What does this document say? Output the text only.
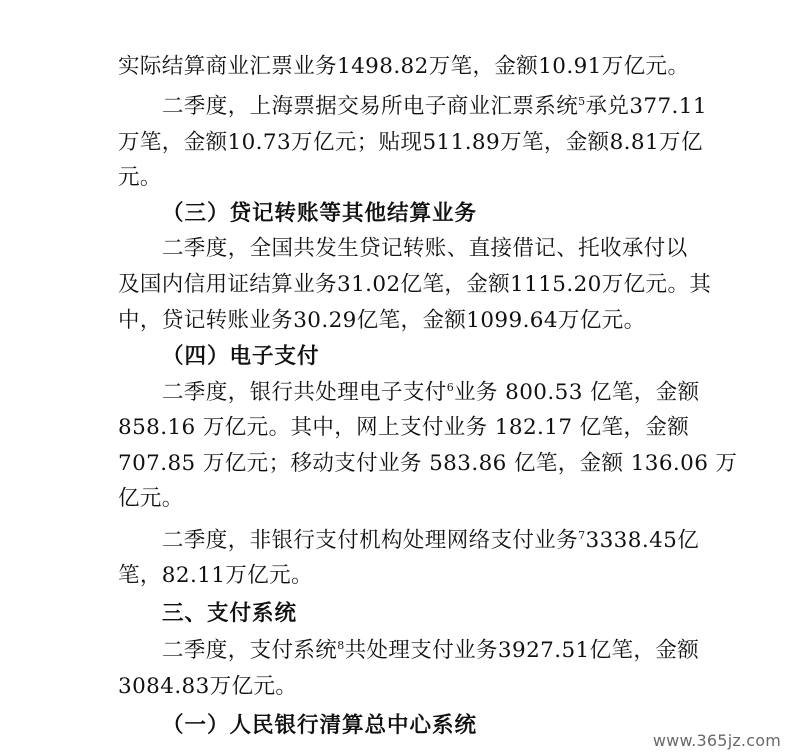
实际结算商业汇票业务1498.82万笔，金额10.91万亿元。
二季度，上海票据交易所电子商业汇票系统$^5$承兑377.11
万笔，金额10.73万亿元；贴现511.89万笔，金额8.81万亿
元。
（三）贷记转账等其他结算业务
二季度，全国共发生贷记转账、直接借记、托收承付以
及国内信用证结算业务31.02亿笔，金额1115.20万亿元。其
中，贷记转账业务30.29亿笔，金额1099.64万亿元。
（四）电子支付
二季度，银行共处理电子支付$^6$业务 800.53 亿笔，金额
858.16 万亿元。其中，网上支付业务 182.17 亿笔，金额
707.85 万亿元；移动支付业务 583.86 亿笔，金额 136.06 万
亿元。
二季度，非银行支付机构处理网络支付业务$^7$3338.45亿
笔，82.11万亿元。
三、支付系统
二季度，支付系统$^8$共处理支付业务3927.51亿笔，金额
3084.83万亿元。
（一）人民银行清算总中心系统
www.365jz.com
